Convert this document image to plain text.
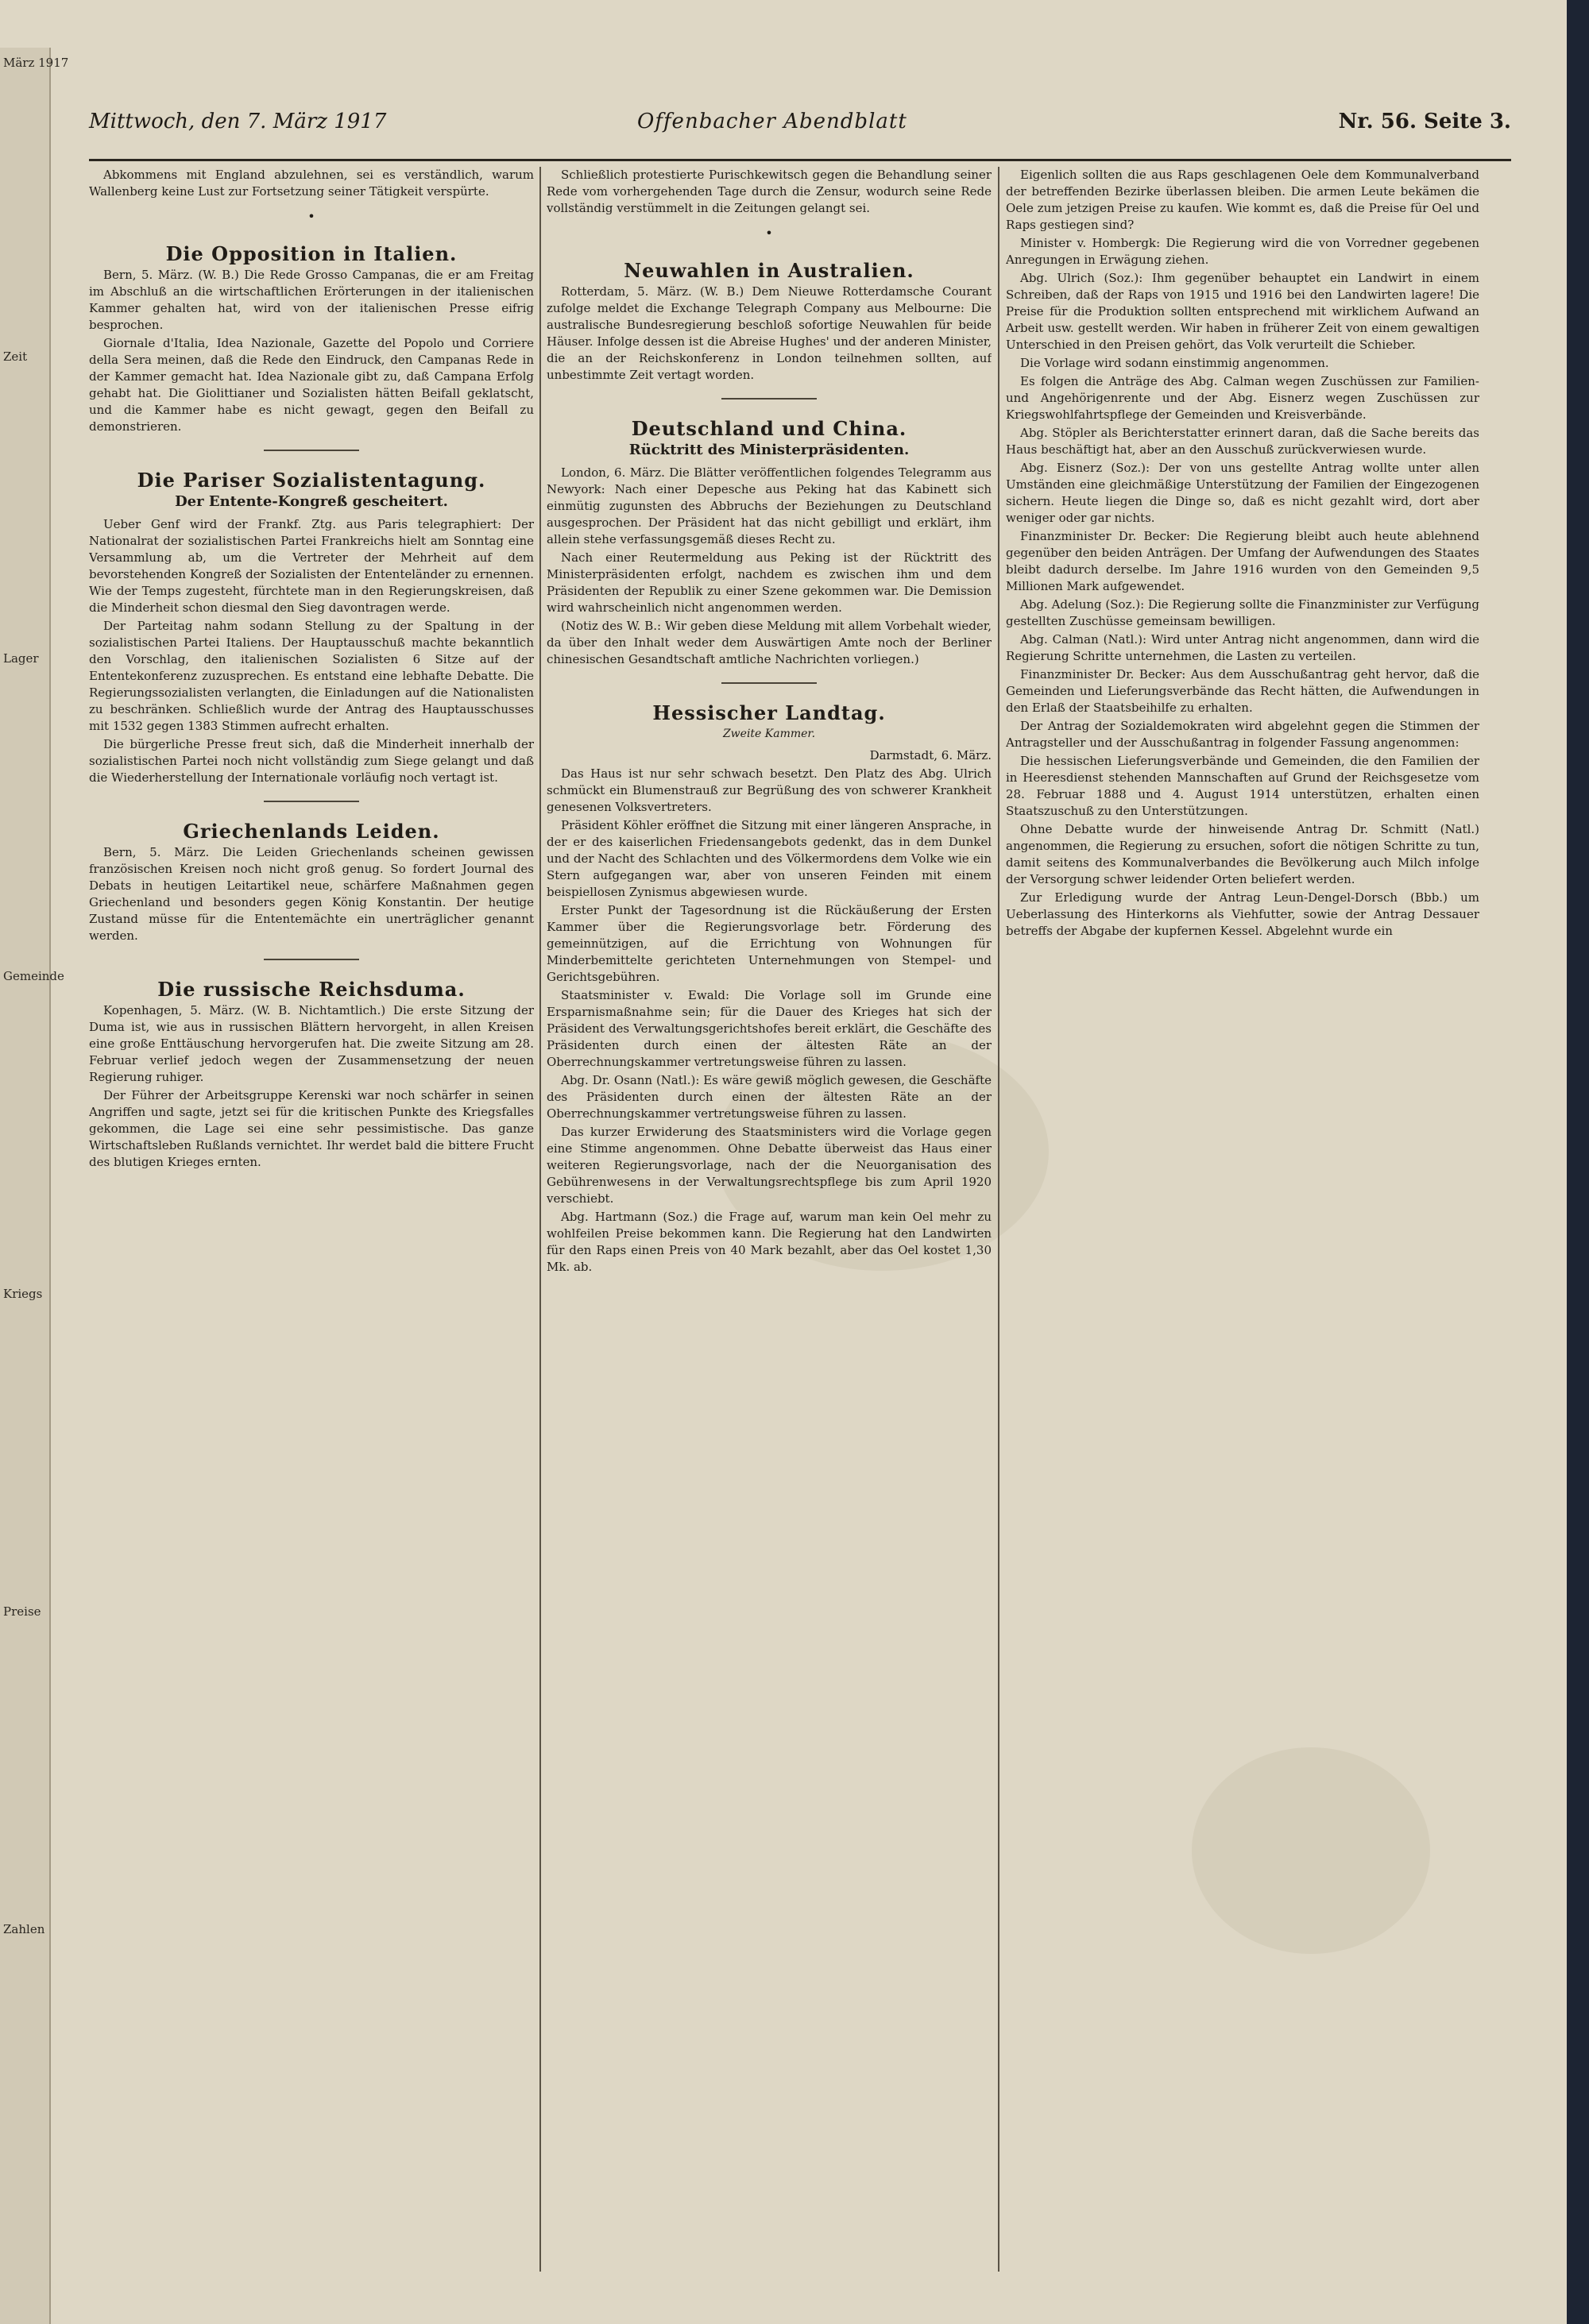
März 1917
Zeit
Lager
Gemeinde
Kriegs
Preise
Zahlen
Mittwoch, den 7. März 1917	Offenbacher Abendblatt	Nr. 56. Seite 3.

Abkommens mit England abzulehnen, sei es verständlich, warum Wallenberg keine Lust zur Fortsetzung seiner Tätigkeit verspürte.

•
Die Opposition in Italien.

Bern, 5. März. (W. B.) Die Rede Grosso Campanas, die er am Freitag im Abschluß an die wirtschaftlichen Erörterungen in der italienischen Kammer gehalten hat, wird von der italienischen Presse eifrig besprochen.

Giornale d'Italia, Idea Nazionale, Gazette del Popolo und Corriere della Sera meinen, daß die Rede den Eindruck, den Campanas Rede in der Kammer gemacht hat. Idea Nazionale gibt zu, daß Campana Erfolg gehabt hat. Die Giolittianer und Sozialisten hätten Beifall geklatscht, und die Kammer habe es nicht gewagt, gegen den Beifall zu demonstrieren.

Die Pariser Sozialistentagung.
Der Entente-Kongreß gescheitert.

Ueber Genf wird der Frankf. Ztg. aus Paris telegraphiert: Der Nationalrat der sozialistischen Partei Frankreichs hielt am Sonntag eine Versammlung ab, um die Vertreter der Mehrheit auf dem bevorstehenden Kongreß der Sozialisten der Ententeländer zu ernennen. Wie der Temps zugesteht, fürchtete man in den Regierungskreisen, daß die Minderheit schon diesmal den Sieg davontragen werde.

Der Parteitag nahm sodann Stellung zu der Spaltung in der sozialistischen Partei Italiens. Der Hauptausschuß machte bekanntlich den Vorschlag, den italienischen Sozialisten 6 Sitze auf der Ententekonferenz zuzusprechen. Es entstand eine lebhafte Debatte. Die Regierungssozialisten verlangten, die Einladungen auf die Nationalisten zu beschränken. Schließlich wurde der Antrag des Hauptausschusses mit 1532 gegen 1383 Stimmen aufrecht erhalten.

Die bürgerliche Presse freut sich, daß die Minderheit innerhalb der sozialistischen Partei noch nicht vollständig zum Siege gelangt und daß die Wiederherstellung der Internationale vorläufig noch vertagt ist.

Griechenlands Leiden.

Bern, 5. März. Die Leiden Griechenlands scheinen gewissen französischen Kreisen noch nicht groß genug. So fordert Journal des Debats in heutigen Leitartikel neue, schärfere Maßnahmen gegen Griechenland und besonders gegen König Konstantin. Der heutige Zustand müsse für die Ententemächte ein unerträglicher genannt werden.

Die russische Reichsduma.

Kopenhagen, 5. März. (W. B. Nichtamtlich.) Die erste Sitzung der Duma ist, wie aus in russischen Blättern hervorgeht, in allen Kreisen eine große Enttäuschung hervorgerufen hat. Die zweite Sitzung am 28. Februar verlief jedoch wegen der Zusammensetzung der neuen Regierung ruhiger.

Der Führer der Arbeitsgruppe Kerenski war noch schärfer in seinen Angriffen und sagte, jetzt sei für die kritischen Punkte des Kriegsfalles gekommen, die Lage sei eine sehr pessimistische. Das ganze Wirtschaftsleben Rußlands vernichtet. Ihr werdet bald die bittere Frucht des blutigen Krieges ernten.

Schließlich protestierte Purischkewitsch gegen die Behandlung seiner Rede vom vorhergehenden Tage durch die Zensur, wodurch seine Rede vollständig verstümmelt in die Zeitungen gelangt sei.

•
Neuwahlen in Australien.

Rotterdam, 5. März. (W. B.) Dem Nieuwe Rotterdamsche Courant zufolge meldet die Exchange Telegraph Company aus Melbourne: Die australische Bundesregierung beschloß sofortige Neuwahlen für beide Häuser. Infolge dessen ist die Abreise Hughes' und der anderen Minister, die an der Reichskonferenz in London teilnehmen sollten, auf unbestimmte Zeit vertagt worden.

Deutschland und China.
Rücktritt des Ministerpräsidenten.

London, 6. März. Die Blätter veröffentlichen folgendes Telegramm aus Newyork: Nach einer Depesche aus Peking hat das Kabinett sich einmütig zugunsten des Abbruchs der Beziehungen zu Deutschland ausgesprochen. Der Präsident hat das nicht gebilligt und erklärt, ihm allein stehe verfassungsgemäß dieses Recht zu.

Nach einer Reutermeldung aus Peking ist der Rücktritt des Ministerpräsidenten erfolgt, nachdem es zwischen ihm und dem Präsidenten der Republik zu einer Szene gekommen war. Die Demission wird wahrscheinlich nicht angenommen werden.

(Notiz des W. B.: Wir geben diese Meldung mit allem Vorbehalt wieder, da über den Inhalt weder dem Auswärtigen Amte noch der Berliner chinesischen Gesandtschaft amtliche Nachrichten vorliegen.)

Hessischer Landtag.
Zweite Kammer.

Darmstadt, 6. März.

Das Haus ist nur sehr schwach besetzt. Den Platz des Abg. Ulrich schmückt ein Blumenstrauß zur Begrüßung des von schwerer Krankheit genesenen Volksvertreters.

Präsident Köhler eröffnet die Sitzung mit einer längeren Ansprache, in der er des kaiserlichen Friedensangebots gedenkt, das in dem Dunkel und der Nacht des Schlachten und des Völkermordens dem Volke wie ein Stern aufgegangen war, aber von unseren Feinden mit einem beispiellosen Zynismus abgewiesen wurde.

Erster Punkt der Tagesordnung ist die Rückäußerung der Ersten Kammer über die Regierungsvorlage betr. Förderung des gemeinnützigen, auf die Errichtung von Wohnungen für Minderbemittelte gerichteten Unternehmungen von Stempel- und Gerichtsgebühren.

Staatsminister v. Ewald: Die Vorlage soll im Grunde eine Ersparnismaßnahme sein; für die Dauer des Krieges hat sich der Präsident des Verwaltungsgerichtshofes bereit erklärt, die Geschäfte des Präsidenten durch einen der ältesten Räte an der Oberrechnungskammer vertretungsweise führen zu lassen.

Abg. Dr. Osann (Natl.): Es wäre gewiß möglich gewesen, die Geschäfte des Präsidenten durch einen der ältesten Räte an der Oberrechnungskammer vertretungsweise führen zu lassen.

Das kurzer Erwiderung des Staatsministers wird die Vorlage gegen eine Stimme angenommen. Ohne Debatte überweist das Haus einer weiteren Regierungsvorlage, nach der die Neuorganisation des Gebührenwesens in der Verwaltungsrechtspflege bis zum April 1920 verschiebt.

Abg. Hartmann (Soz.) die Frage auf, warum man kein Oel mehr zu wohlfeilen Preise bekommen kann. Die Regierung hat den Landwirten für den Raps einen Preis von 40 Mark bezahlt, aber das Oel kostet 1,30 Mk. ab.

Eigenlich sollten die aus Raps geschlagenen Oele dem Kommunalverband der betreffenden Bezirke überlassen bleiben. Die armen Leute bekämen die Oele zum jetzigen Preise zu kaufen. Wie kommt es, daß die Preise für Oel und Raps gestiegen sind?

Minister v. Hombergk: Die Regierung wird die von Vorredner gegebenen Anregungen in Erwägung ziehen.

Abg. Ulrich (Soz.): Ihm gegenüber behauptet ein Landwirt in einem Schreiben, daß der Raps von 1915 und 1916 bei den Landwirten lagere! Die Preise für die Produktion sollten entsprechend mit wirklichem Aufwand an Arbeit usw. gestellt werden. Wir haben in früherer Zeit von einem gewaltigen Unterschied in den Preisen gehört, das Volk verurteilt die Schieber.

Die Vorlage wird sodann einstimmig angenommen.

Es folgen die Anträge des Abg. Calman wegen Zuschüssen zur Familien- und Angehörigenrente und der Abg. Eisnerz wegen Zuschüssen zur Kriegswohlfahrtspflege der Gemeinden und Kreisverbände.

Abg. Stöpler als Berichterstatter erinnert daran, daß die Sache bereits das Haus beschäftigt hat, aber an den Ausschuß zurückverwiesen wurde.

Abg. Eisnerz (Soz.): Der von uns gestellte Antrag wollte unter allen Umständen eine gleichmäßige Unterstützung der Familien der Eingezogenen sichern. Heute liegen die Dinge so, daß es nicht gezahlt wird, dort aber weniger oder gar nichts.

Finanzminister Dr. Becker: Die Regierung bleibt auch heute ablehnend gegenüber den beiden Anträgen. Der Umfang der Aufwendungen des Staates bleibt dadurch derselbe. Im Jahre 1916 wurden von den Gemeinden 9,5 Millionen Mark aufgewendet.

Abg. Adelung (Soz.): Die Regierung sollte die Finanzminister zur Verfügung gestellten Zuschüsse gemeinsam bewilligen.

Abg. Calman (Natl.): Wird unter Antrag nicht angenommen, dann wird die Regierung Schritte unternehmen, die Lasten zu verteilen.

Finanzminister Dr. Becker: Aus dem Ausschußantrag geht hervor, daß die Gemeinden und Lieferungsverbände das Recht hätten, die Aufwendungen in den Erlaß der Staatsbeihilfe zu erhalten.

Der Antrag der Sozialdemokraten wird abgelehnt gegen die Stimmen der Antragsteller und der Ausschußantrag in folgender Fassung angenommen:

Die hessischen Lieferungsverbände und Gemeinden, die den Familien der in Heeresdienst stehenden Mannschaften auf Grund der Reichsgesetze vom 28. Februar 1888 und 4. August 1914 unterstützen, erhalten einen Staatszuschuß zu den Unterstützungen.

Ohne Debatte wurde der hinweisende Antrag Dr. Schmitt (Natl.) angenommen, die Regierung zu ersuchen, sofort die nötigen Schritte zu tun, damit seitens des Kommunalverbandes die Bevölkerung auch Milch infolge der Versorgung schwer leidender Orten beliefert werden.

Zur Erledigung wurde der Antrag Leun-Dengel-Dorsch (Bbb.) um Ueberlassung des Hinterkorns als Viehfutter, sowie der Antrag Dessauer betreffs der Abgabe der kupfernen Kessel. Abgelehnt wurde ein
